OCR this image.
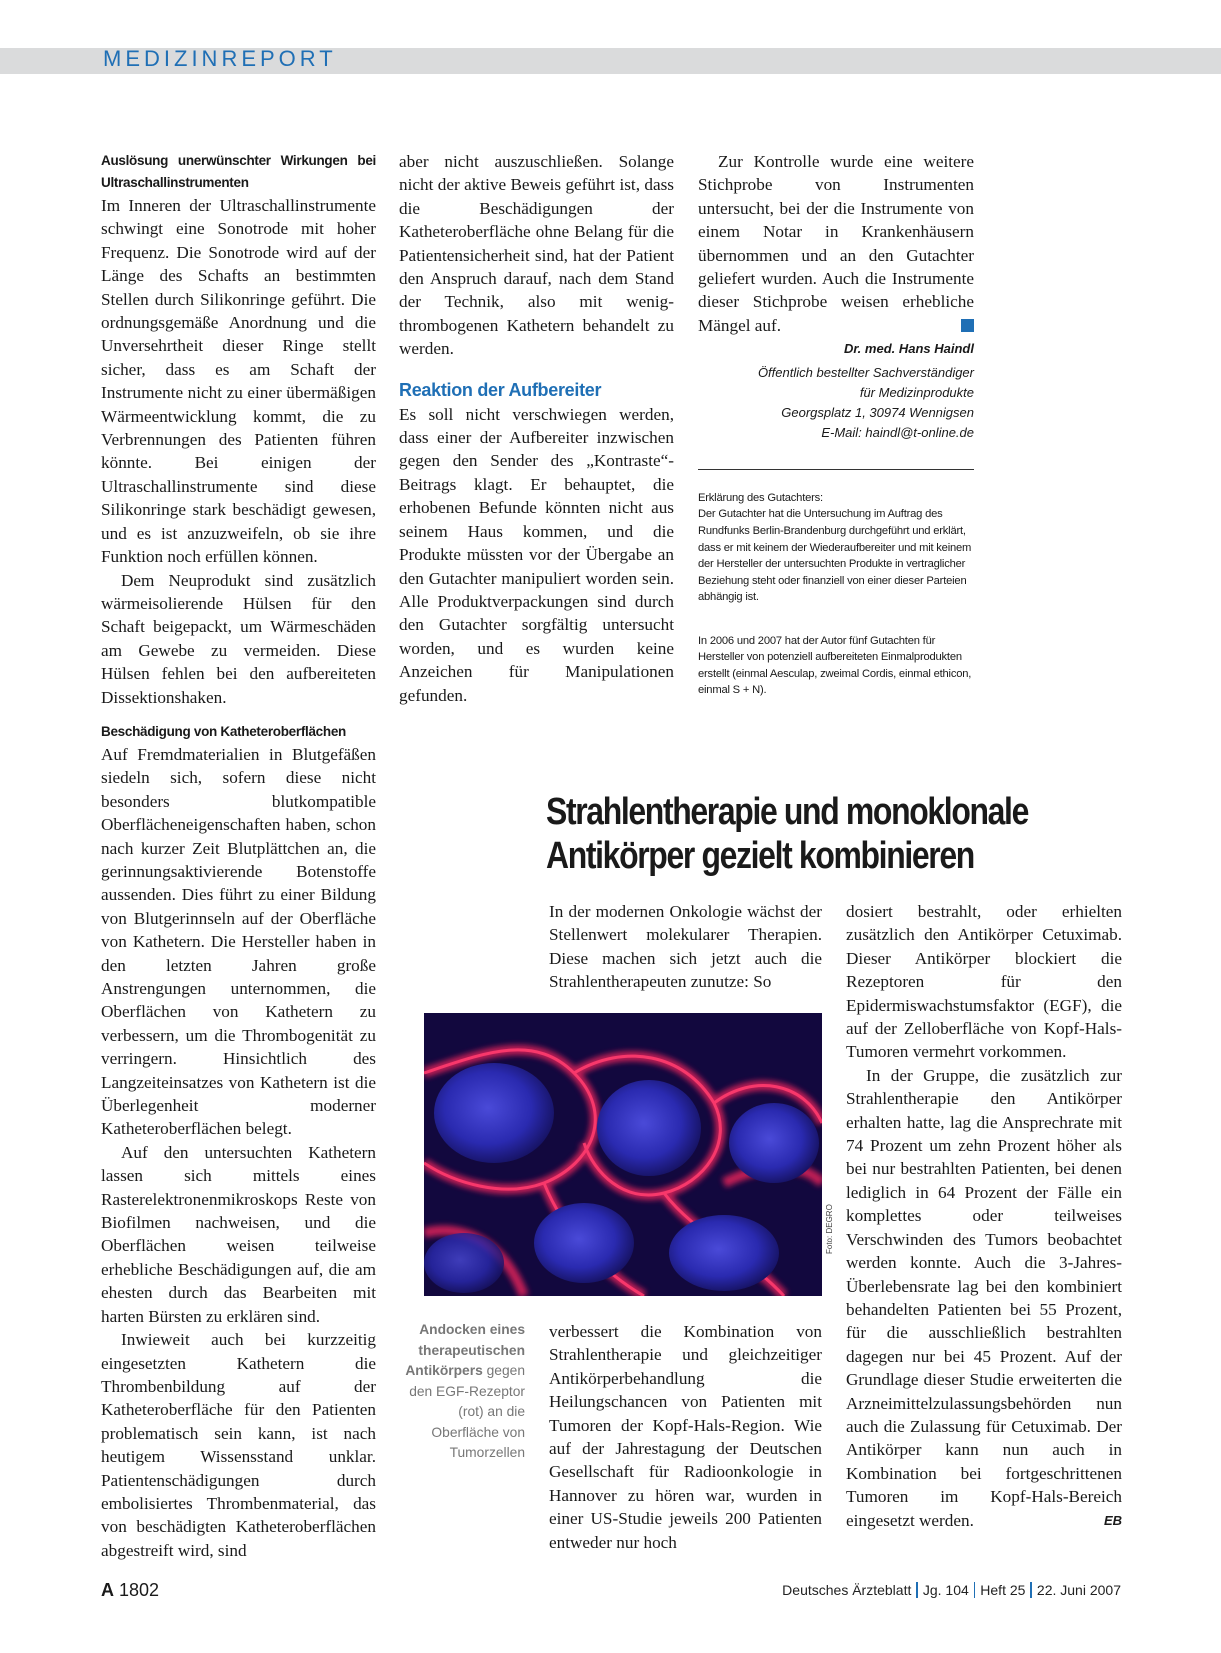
MEDIZINREPORT
Auslösung unerwünschter Wirkungen bei Ultraschallinstrumenten

Im Inneren der Ultraschallinstrumente schwingt eine Sonotrode mit hoher Frequenz. Die Sonotrode wird auf der Länge des Schafts an bestimmten Stellen durch Silikonringe geführt. Die ordnungsgemäße Anordnung und die Unversehrtheit dieser Ringe stellt sicher, dass es am Schaft der Instrumente nicht zu einer übermäßigen Wärmeentwicklung kommt, die zu Verbrennungen des Patienten führen könnte. Bei einigen der Ultraschallinstrumente sind diese Silikonringe stark beschädigt gewesen, und es ist anzuzweifeln, ob sie ihre Funktion noch erfüllen können.

Dem Neuprodukt sind zusätzlich wärmeisolierende Hülsen für den Schaft beigepackt, um Wärmeschäden am Gewebe zu vermeiden. Diese Hülsen fehlen bei den aufbereiteten Dissektionshaken.

Beschädigung von Katheteroberflächen

Auf Fremdmaterialien in Blutgefäßen siedeln sich, sofern diese nicht besonders blutkompatible Oberflächeneigenschaften haben, schon nach kurzer Zeit Blutplättchen an, die gerinnungsaktivierende Botenstoffe aussenden. Dies führt zu einer Bildung von Blutgerinnseln auf der Oberfläche von Kathetern. Die Hersteller haben in den letzten Jahren große Anstrengungen unternommen, die Oberflächen von Kathetern zu verbessern, um die Thrombogenität zu verringern. Hinsichtlich des Langzeiteinsatzes von Kathetern ist die Überlegenheit moderner Katheteroberflächen belegt.

Auf den untersuchten Kathetern lassen sich mittels eines Rasterelektronenmikroskops Reste von Biofilmen nachweisen, und die Oberflächen weisen teilweise erhebliche Beschädigungen auf, die am ehesten durch das Bearbeiten mit harten Bürsten zu erklären sind.

Inwieweit auch bei kurzzeitig eingesetzten Kathetern die Thrombenbildung auf der Katheteroberfläche für den Patienten problematisch sein kann, ist nach heutigem Wissensstand unklar. Patientenschädigungen durch embolisiertes Thrombenmaterial, das von beschädigten Katheteroberflächen abgestreift wird, sind

aber nicht auszuschließen. Solange nicht der aktive Beweis geführt ist, dass die Beschädigungen der Katheteroberfläche ohne Belang für die Patientensicherheit sind, hat der Patient den Anspruch darauf, nach dem Stand der Technik, also mit wenig-thrombogenen Kathetern behandelt zu werden.

Reaktion der Aufbereiter

Es soll nicht verschwiegen werden, dass einer der Aufbereiter inzwischen gegen den Sender des „Kontraste“-Beitrags klagt. Er behauptet, die erhobenen Befunde könnten nicht aus seinem Haus kommen, und die Produkte müssten vor der Übergabe an den Gutachter manipuliert worden sein. Alle Produktverpackungen sind durch den Gutachter sorgfältig untersucht worden, und es wurden keine Anzeichen für Manipulationen gefunden.

Zur Kontrolle wurde eine weitere Stichprobe von Instrumenten untersucht, bei der die Instrumente von einem Notar in Krankenhäusern übernommen und an den Gutachter geliefert wurden. Auch die Instrumente dieser Stichprobe weisen erhebliche Mängel auf.

Dr. med. Hans Haindl
Öffentlich bestellter Sachverständiger
für Medizinprodukte
Georgsplatz 1, 30974 Wennigsen
E-Mail: haindl@t-online.de

Erklärung des Gutachters:
Der Gutachter hat die Untersuchung im Auftrag des Rundfunks Berlin-Brandenburg durchgeführt und erklärt, dass er mit keinem der Wiederaufbereiter und mit keinem der Hersteller der untersuchten Produkte in vertraglicher Beziehung steht oder finanziell von einer dieser Parteien abhängig ist.

In 2006 und 2007 hat der Autor fünf Gutachten für Hersteller von potenziell aufbereiteten Einmalprodukten erstellt (einmal Aesculap, zweimal Cordis, einmal ethicon, einmal S + N).

Strahlentherapie und monoklonale
Antikörper gezielt kombinieren

In der modernen Onkologie wächst der Stellenwert molekularer Therapien. Diese machen sich jetzt auch die Strahlentherapeuten zunutze: So

Foto: DEGRO
Andocken eines therapeutischen Antikörpers gegen den EGF-Rezeptor (rot) an die Oberfläche von Tumorzellen

verbessert die Kombination von Strahlentherapie und gleichzeitiger Antikörperbehandlung die Heilungschancen von Patienten mit Tumoren der Kopf-Hals-Region. Wie auf der Jahrestagung der Deutschen Gesellschaft für Radioonkologie in Hannover zu hören war, wurden in einer US-Studie jeweils 200 Patienten entweder nur hoch

dosiert bestrahlt, oder erhielten zusätzlich den Antikörper Cetuximab. Dieser Antikörper blockiert die Rezeptoren für den Epidermiswachstumsfaktor (EGF), die auf der Zelloberfläche von Kopf-Hals-Tumoren vermehrt vorkommen.

In der Gruppe, die zusätzlich zur Strahlentherapie den Antikörper erhalten hatte, lag die Ansprechrate mit 74 Prozent um zehn Prozent höher als bei nur bestrahlten Patienten, bei denen lediglich in 64 Prozent der Fälle ein komplettes oder teilweises Verschwinden des Tumors beobachtet werden konnte. Auch die 3-Jahres-Überlebensrate lag bei den kombiniert behandelten Patienten bei 55 Prozent, für die ausschließlich bestrahlten dagegen nur bei 45 Prozent. Auf der Grundlage dieser Studie erweiterten die Arzneimittelzulassungsbehörden nun auch die Zulassung für Cetuximab. Der Antikörper kann nun auch in Kombination bei fortgeschrittenen Tumoren im Kopf-Hals-Bereich eingesetzt werden.	EB

A 1802	Deutsches Ärzteblatt Jg. 104 Heft 25 22. Juni 2007
